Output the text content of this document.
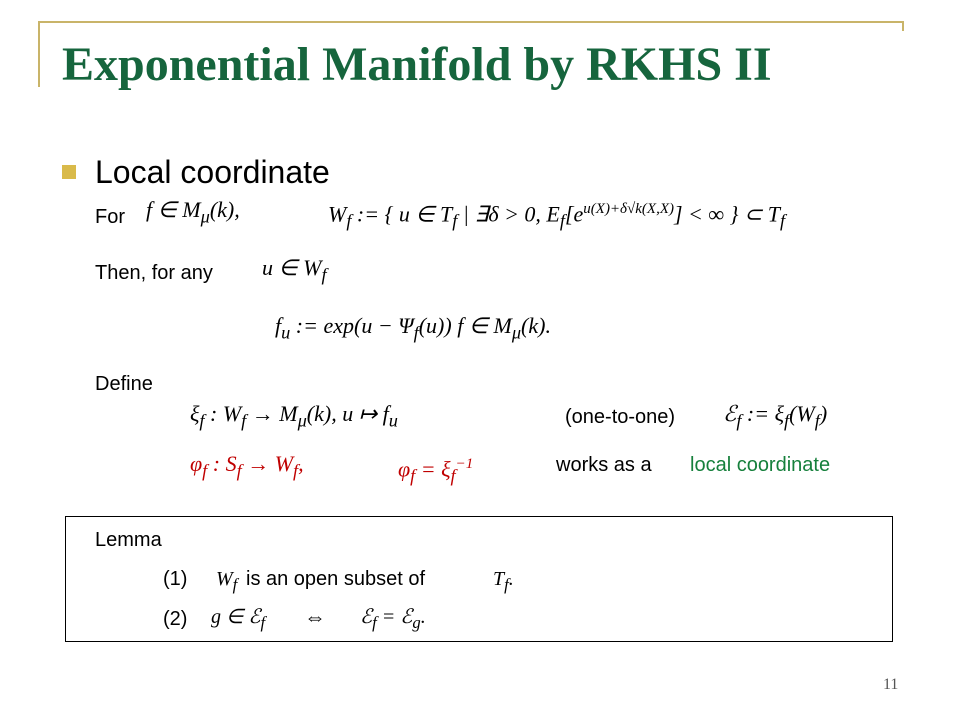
Exponential Manifold by RKHS II
Local coordinate
For f ∈ $M_\mu(k)$,	$W_f$ := { u ∈ $T_f$ | ∃δ > 0, $E_f[e^{u(X)+\delta√k(X,X)}]$ < ∞ } ⊂ $T_f$
Then, for any u ∈ $W_f$
$f_u$ := $\exp(u - \Psi_f(u))$ f ∈ $M_\mu(k)$.
Define
$\xi_f$ : $W_f \to M_\mu(k)$, u ↦ $f_u$	(one-to-one) ℰ$_f$ := $\xi_f(W_f)$
$\varphi_f$ : $S_f \to W_f$,	$\varphi_f = \xi_f^{-1}$	works as a local coordinate
Lemma
(1) $W_f$ is an open subset of	$T_f$.
(2) g ∈ ℰ$_f$ ⇔ ℰ$_f$ = ℰ$_g$.
11
